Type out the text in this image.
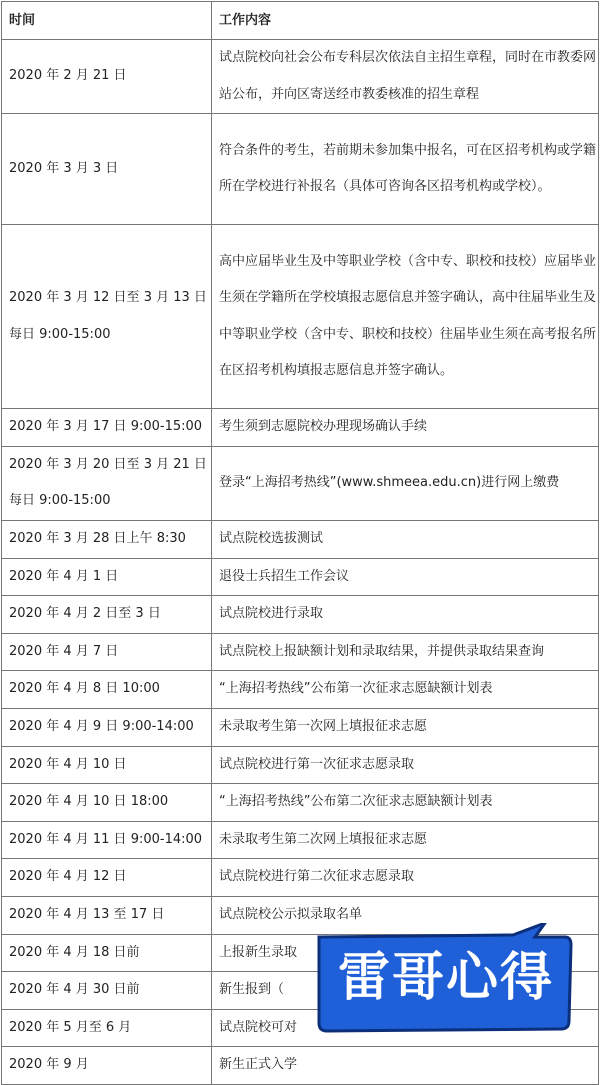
时间	工作内容
2020 年 2 月 21 日	试点院校向社会公布专科层次依法自主招生章程，同时在市教委网站公布，并向区寄送经市教委核准的招生章程
2020 年 3 月 3 日	符合条件的考生，若前期未参加集中报名，可在区招考机构或学籍所在学校进行补报名（具体可咨询各区招考机构或学校）。
2020 年 3 月 12 日至 3 月 13 日每日 9:00-15:00	高中应届毕业生及中等职业学校（含中专、职校和技校）应届毕业生须在学籍所在学校填报志愿信息并签字确认，高中往届毕业生及中等职业学校（含中专、职校和技校）往届毕业生须在高考报名所在区招考机构填报志愿信息并签字确认。
2020 年 3 月 17 日 9:00-15:00	考生须到志愿院校办理现场确认手续
2020 年 3 月 20 日至 3 月 21 日每日 9:00-15:00	登录“上海招考热线”(www.shmeea.edu.cn)进行网上缴费
2020 年 3 月 28 日上午 8:30	试点院校选拔测试
2020 年 4 月 1 日	退役士兵招生工作会议
2020 年 4 月 2 日至 3 日	试点院校进行录取
2020 年 4 月 7 日	试点院校上报缺额计划和录取结果，并提供录取结果查询
2020 年 4 月 8 日 10:00	“上海招考热线”公布第一次征求志愿缺额计划表
2020 年 4 月 9 日 9:00-14:00	未录取考生第一次网上填报征求志愿
2020 年 4 月 10 日	试点院校进行第一次征求志愿录取
2020 年 4 月 10 日 18:00	“上海招考热线”公布第二次征求志愿缺额计划表
2020 年 4 月 11 日 9:00-14:00	未录取考生第二次网上填报征求志愿
2020 年 4 月 12 日	试点院校进行第二次征求志愿录取
2020 年 4 月 13 至 17 日	试点院校公示拟录取名单
2020 年 4 月 18 日前	上报新生录取
2020 年 4 月 30 日前	新生报到（
2020 年 5 月至 6 月	试点院校可对
2020 年 9 月	新生正式入学
雷哥心得
